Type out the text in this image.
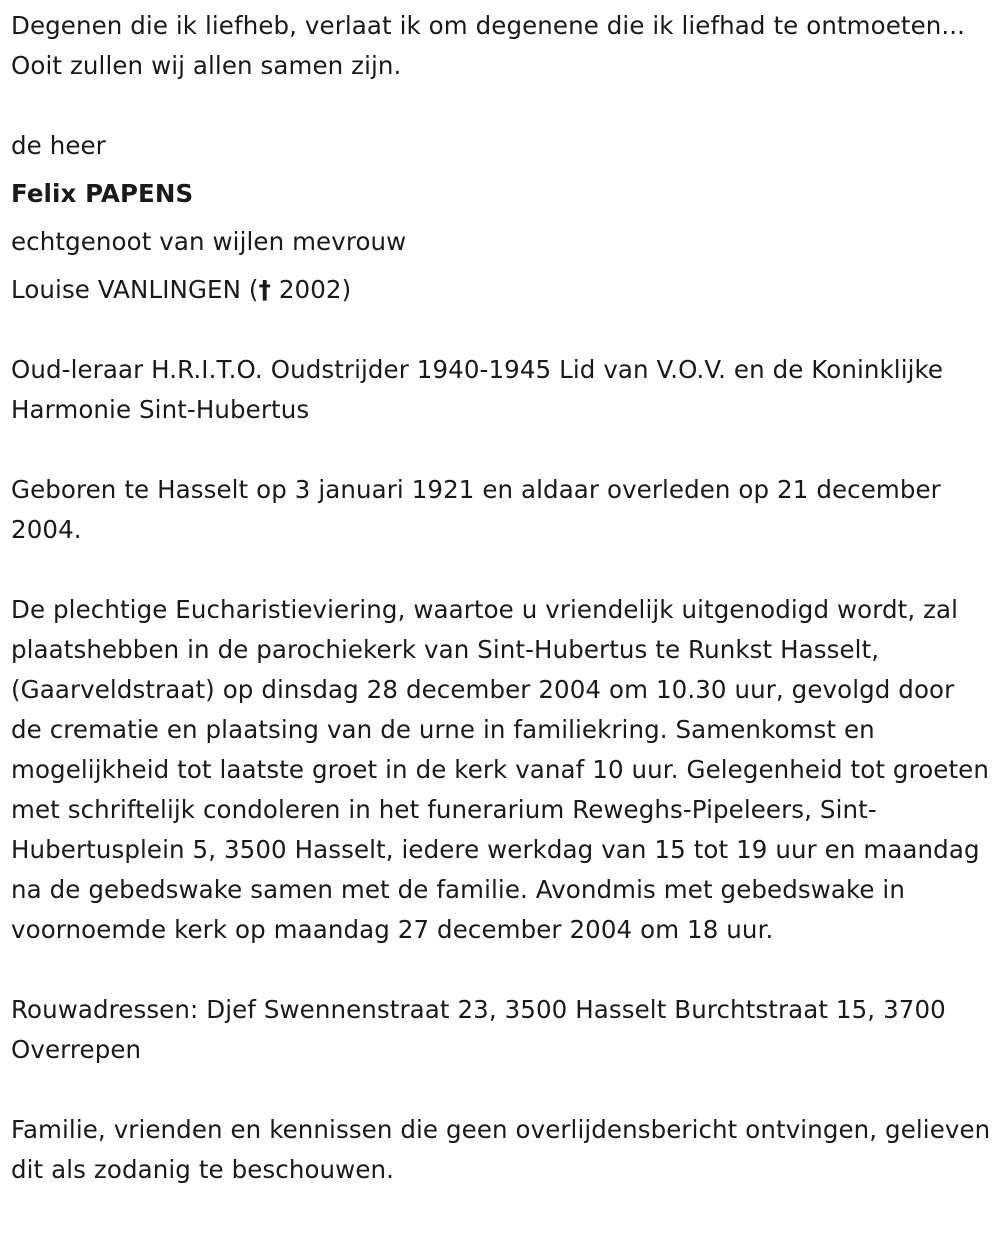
Degenen die ik liefheb, verlaat ik om degenene die ik liefhad te ontmoeten... Ooit zullen wij allen samen zijn.

de heer

Felix PAPENS

echtgenoot van wijlen mevrouw

Louise VANLINGEN († 2002)

Oud-leraar H.R.I.T.O. Oudstrijder 1940-1945 Lid van V.O.V. en de Koninklijke Harmonie Sint-Hubertus

Geboren te Hasselt op 3 januari 1921 en aldaar overleden op 21 december 2004.

De plechtige Eucharistieviering, waartoe u vriendelijk uitgenodigd wordt, zal plaatshebben in de parochiekerk van Sint-Hubertus te Runkst Hasselt, (Gaarveldstraat) op dinsdag 28 december 2004 om 10.30 uur, gevolgd door de crematie en plaatsing van de urne in familiekring. Samenkomst en mogelijkheid tot laatste groet in de kerk vanaf 10 uur. Gelegenheid tot groeten met schriftelijk condoleren in het funerarium Reweghs-Pipeleers, Sint-Hubertusplein 5, 3500 Hasselt, iedere werkdag van 15 tot 19 uur en maandag na de gebedswake samen met de familie. Avondmis met gebedswake in voornoemde kerk op maandag 27 december 2004 om 18 uur.

Rouwadressen: Djef Swennenstraat 23, 3500 Hasselt Burchtstraat 15, 3700 Overrepen

Familie, vrienden en kennissen die geen overlijdensbericht ontvingen, gelieven dit als zodanig te beschouwen.
